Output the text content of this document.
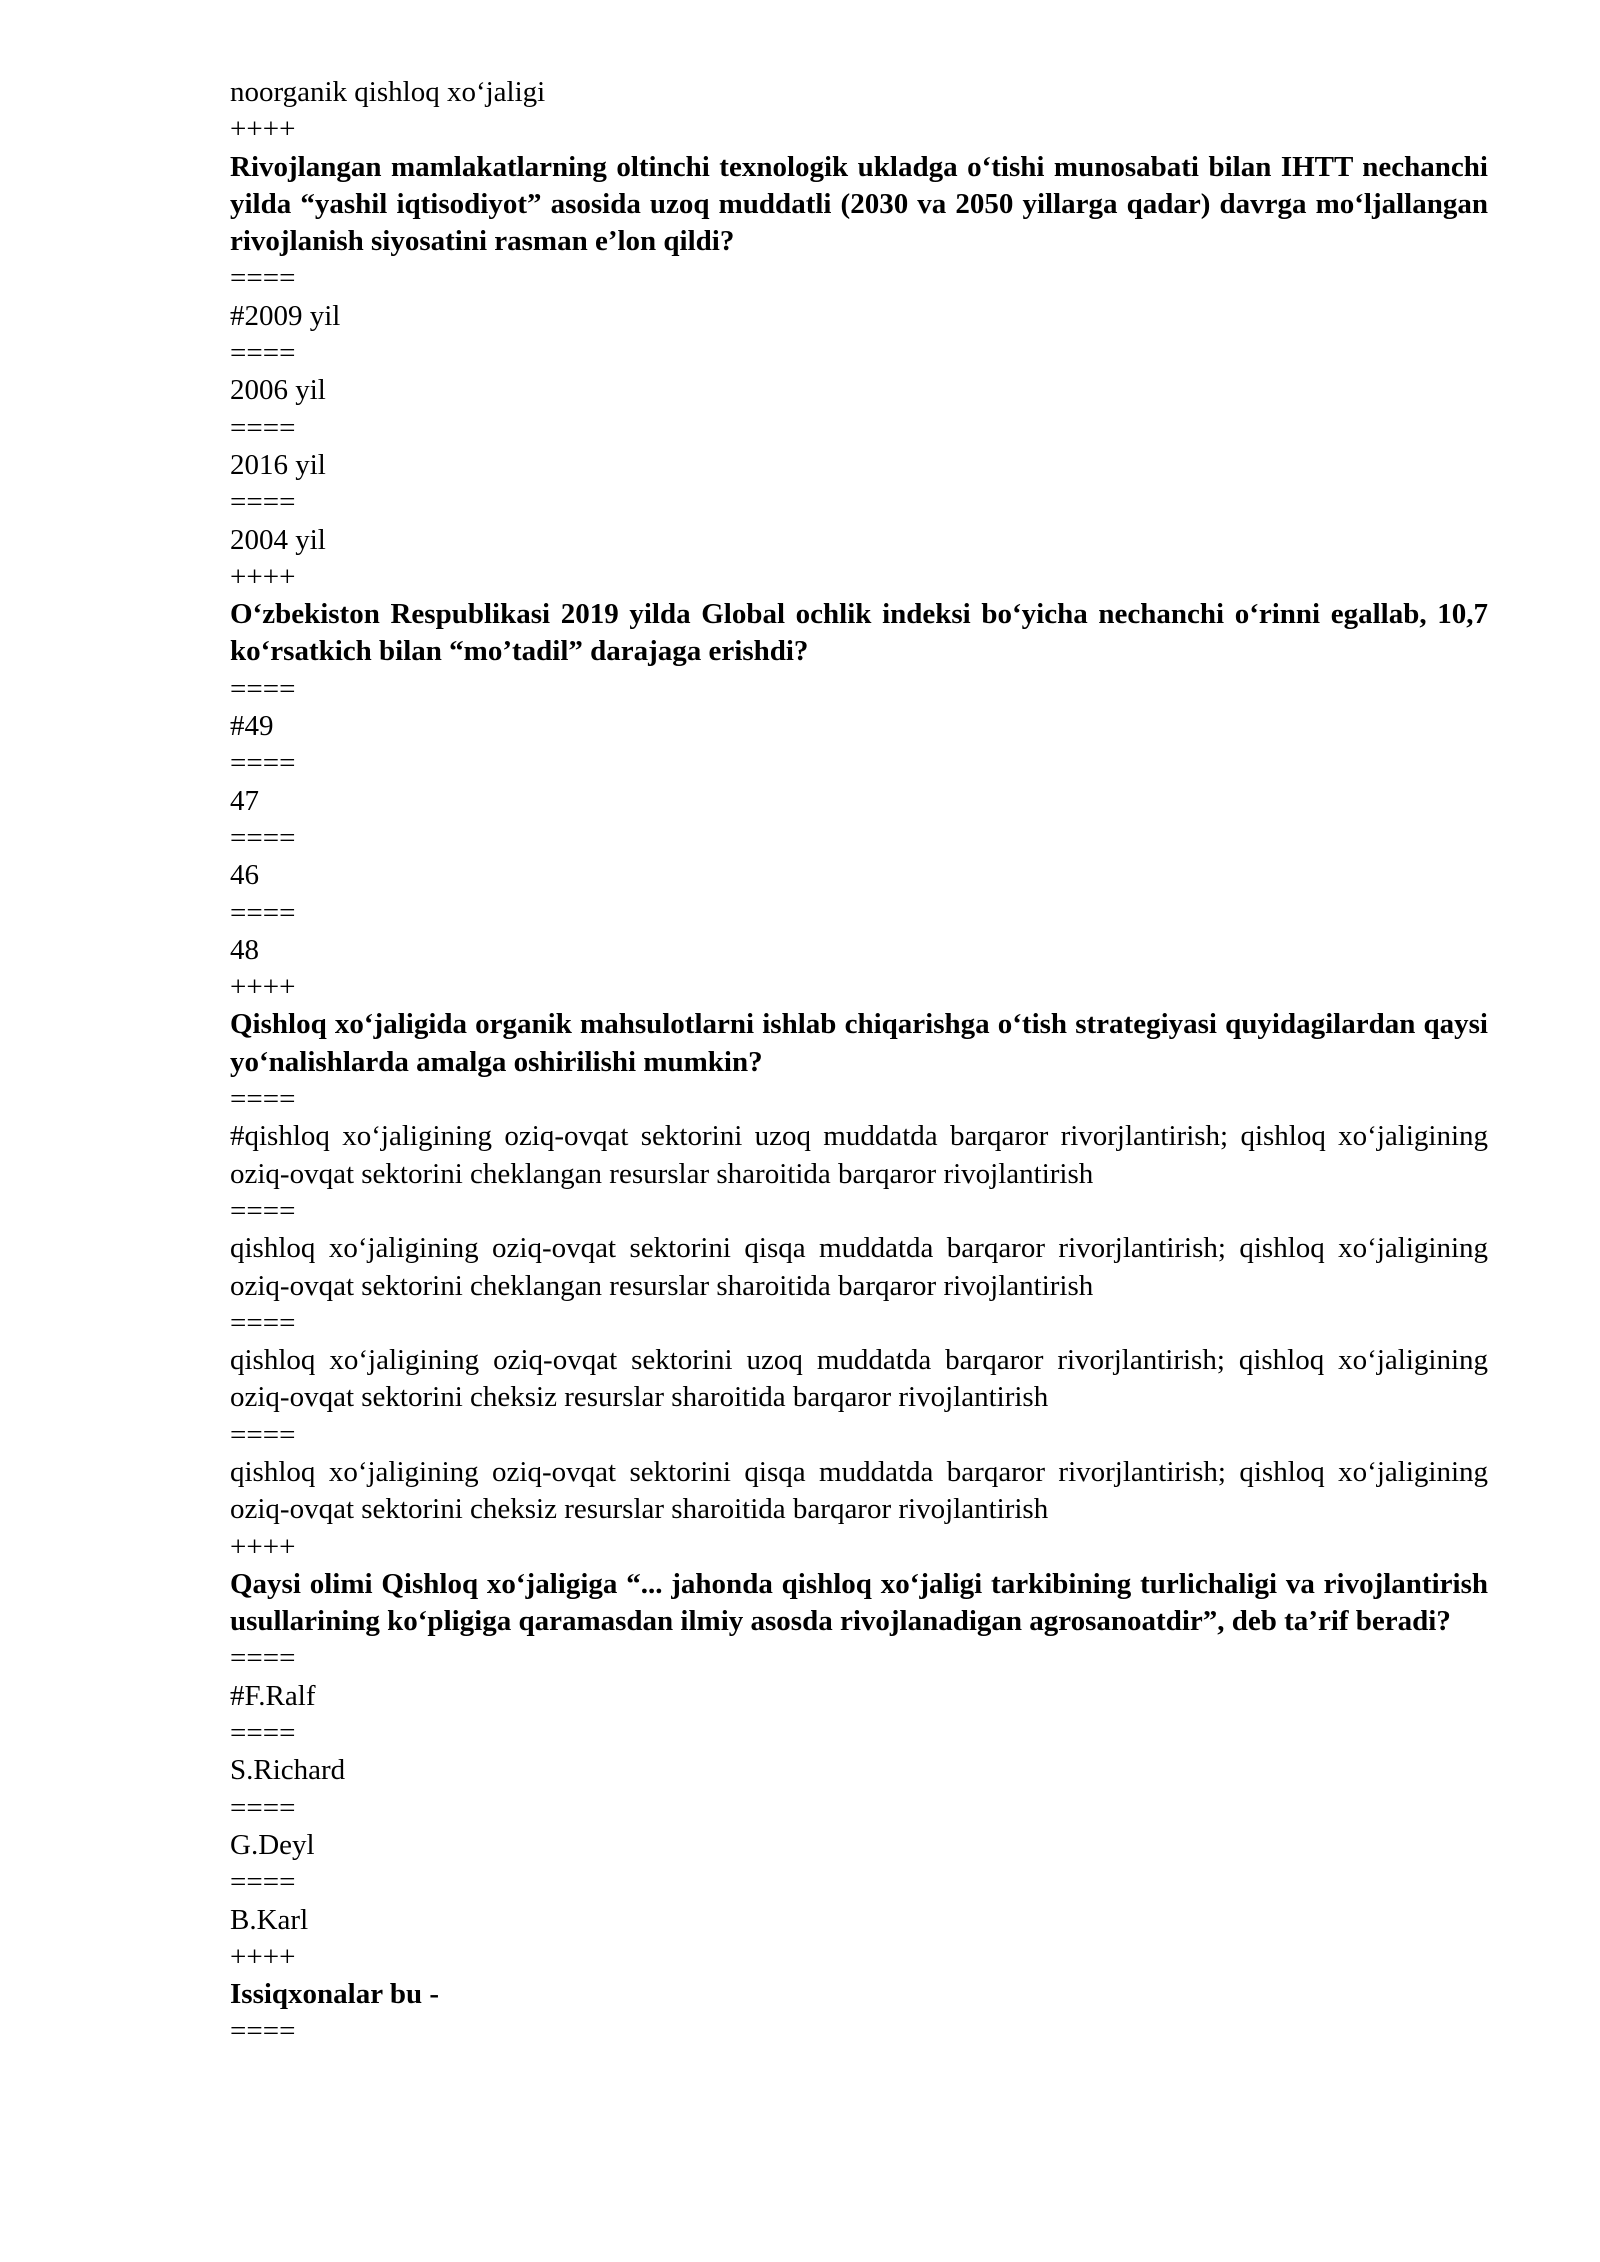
noorganik qishloq xo‘jaligi
++++

Rivojlangan mamlakatlarning oltinchi texnologik ukladga o‘tishi munosabati bilan IHTT nechanchi yilda “yashil iqtisodiyot” asosida uzoq muddatli (2030 va 2050 yillarga qadar) davrga mo‘ljallangan rivojlanish siyosatini rasman e’lon qildi?

====

#2009 yil

====

2006 yil

====

2016 yil

====

2004 yil

++++

O‘zbekiston Respublikasi 2019 yilda Global ochlik indeksi bo‘yicha nechanchi o‘rinni egallab, 10,7 ko‘rsatkich bilan “mo’tadil” darajaga erishdi?

====

#49

====

47

====

46

====

48

++++

Qishloq xo‘jaligida organik mahsulotlarni ishlab chiqarishga o‘tish strategiyasi quyidagilardan qaysi yo‘nalishlarda amalga oshirilishi mumkin?

====

#qishloq xo‘jaligining oziq-ovqat sektorini uzoq muddatda barqaror rivorjlantirish; qishloq xo‘jaligining oziq-ovqat sektorini cheklangan resurslar sharoitida barqaror rivojlantirish

====

qishloq xo‘jaligining oziq-ovqat sektorini qisqa muddatda barqaror rivorjlantirish; qishloq xo‘jaligining oziq-ovqat sektorini cheklangan resurslar sharoitida barqaror rivojlantirish

====

qishloq xo‘jaligining oziq-ovqat sektorini uzoq muddatda barqaror rivorjlantirish; qishloq xo‘jaligining oziq-ovqat sektorini cheksiz resurslar sharoitida barqaror rivojlantirish

====

qishloq xo‘jaligining oziq-ovqat sektorini qisqa muddatda barqaror rivorjlantirish; qishloq xo‘jaligining oziq-ovqat sektorini cheksiz resurslar sharoitida barqaror rivojlantirish

++++

Qaysi olimi Qishloq xo‘jaligiga “... jahonda qishloq xo‘jaligi tarkibining turlichaligi va rivojlantirish usullarining ko‘pligiga qaramasdan ilmiy asosda rivojlanadigan agrosanoatdir”, deb ta’rif beradi?

====

#F.Ralf

====

S.Richard

====

G.Deyl

====

B.Karl

++++

Issiqxonalar bu -

====
